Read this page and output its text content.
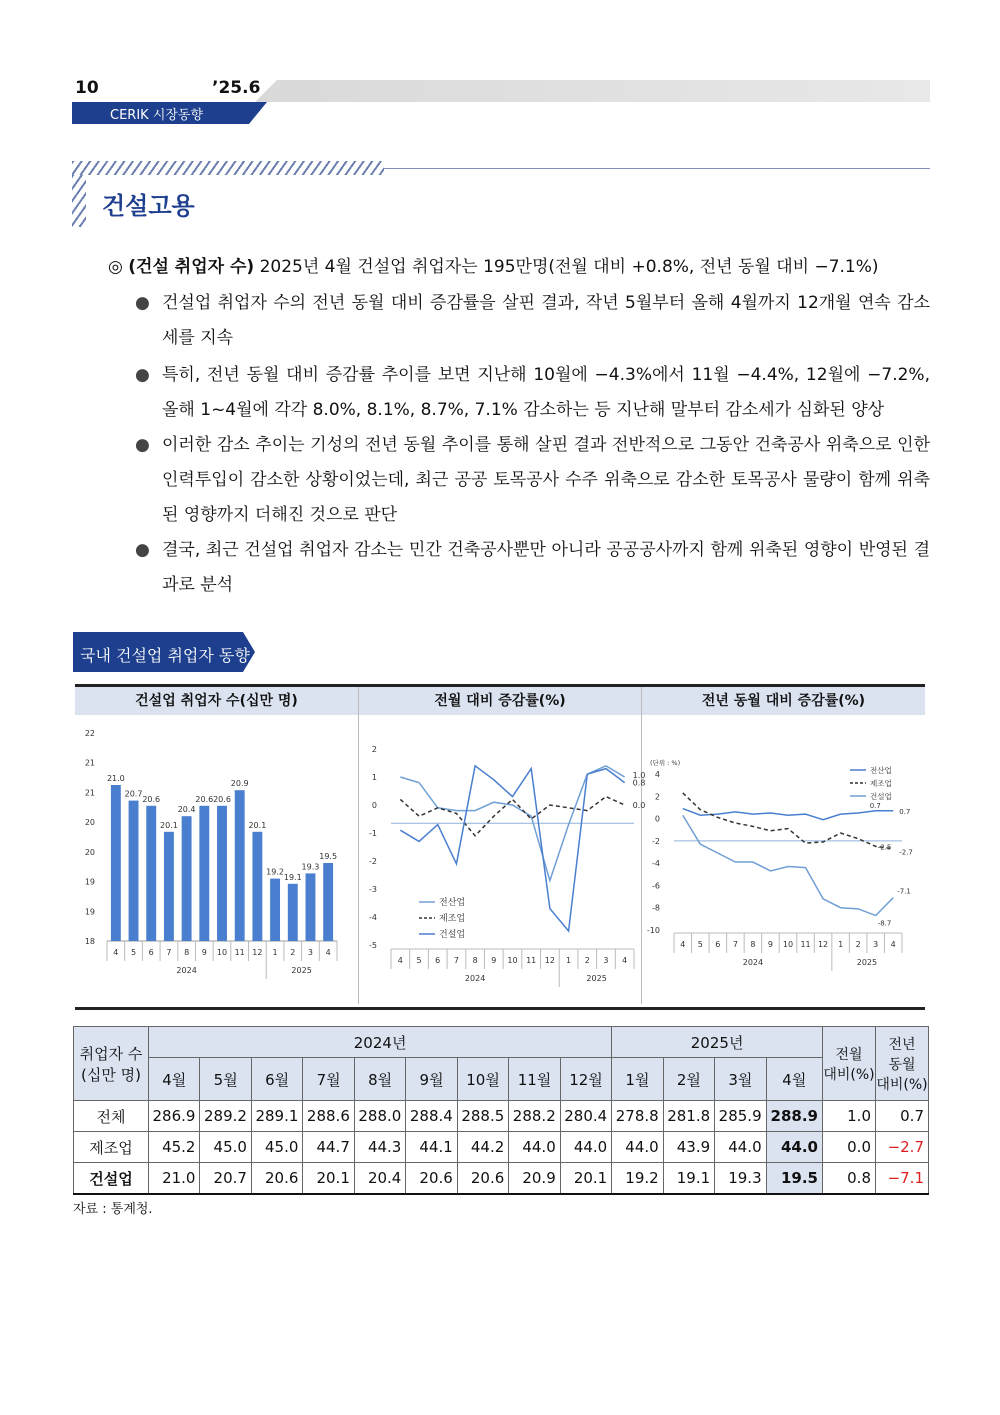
10	’25.6
CERIK 시장동향
건설고용
◎ (건설 취업자 수) 2025년 4월 건설업 취업자는 195만명(전월 대비 +0.8%, 전년 동월 대비 −7.1%)
● 건설업 취업자 수의 전년 동월 대비 증감률을 살핀 결과, 작년 5월부터 올해 4월까지 12개월 연속 감소세를 지속
● 특히, 전년 동월 대비 증감률 추이를 보면 지난해 10월에 −4.3%에서 11월 −4.4%, 12월에 −7.2%, 올해 1~4월에 각각 8.0%, 8.1%, 8.7%, 7.1% 감소하는 등 지난해 말부터 감소세가 심화된 양상
● 이러한 감소 추이는 기성의 전년 동월 추이를 통해 살핀 결과 전반적으로 그동안 건축공사 위축으로 인한 인력투입이 감소한 상황이었는데, 최근 공공 토목공사 수주 위축으로 감소한 토목공사 물량이 함께 위축된 영향까지 더해진 것으로 판단
● 결국, 최근 건설업 취업자 감소는 민간 건축공사뿐만 아니라 공공공사까지 함께 위축된 영향이 반영된 결과로 분석
국내 건설업 취업자 동향
건설업 취업자 수(십만 명)	전월 대비 증감률(%)	전년 동월 대비 증감률(%)
22
21
21
20
20
19
19
18
21.0
4
20.7
5
20.6
6
20.1
7
20.4
8
20.6
9
20.6
10
20.9
11
20.1
12
19.2
1
19.1
2
19.3
3
19.5
4
2024	2025
2
1
0
-1
-2
-3
-4
-5
4 5 6 7 8 9 10 11 12 1 2 3 4
2024	2025
전산업
제조업
건설업
1.0
0.8
0.0
4
2
0
-2
-4
-6
-8
-10
4 5 6 7 8 9 10 11 12 1 2 3 4
2024	2025
전산업
제조업
건설업
(단위 : %)
0.7
0.7
-2.5
-2.7
-7.1
-8.7
취업자 수
(십만 명)	2024년									2025년				전월
대비(%)	전년
동월
대비(%)
	4월	5월	6월	7월	8월	9월	10월	11월	12월	1월	2월	3월	4월		
전체	286.9	289.2	289.1	288.6	288.0	288.4	288.5	288.2	280.4	278.8	281.8	285.9	288.9	1.0	0.7
제조업	45.2	45.0	45.0	44.7	44.3	44.1	44.2	44.0	44.0	44.0	43.9	44.0	44.0	0.0	−2.7
건설업	21.0	20.7	20.6	20.1	20.4	20.6	20.6	20.9	20.1	19.2	19.1	19.3	19.5	0.8	−7.1
자료 : 통계청.
